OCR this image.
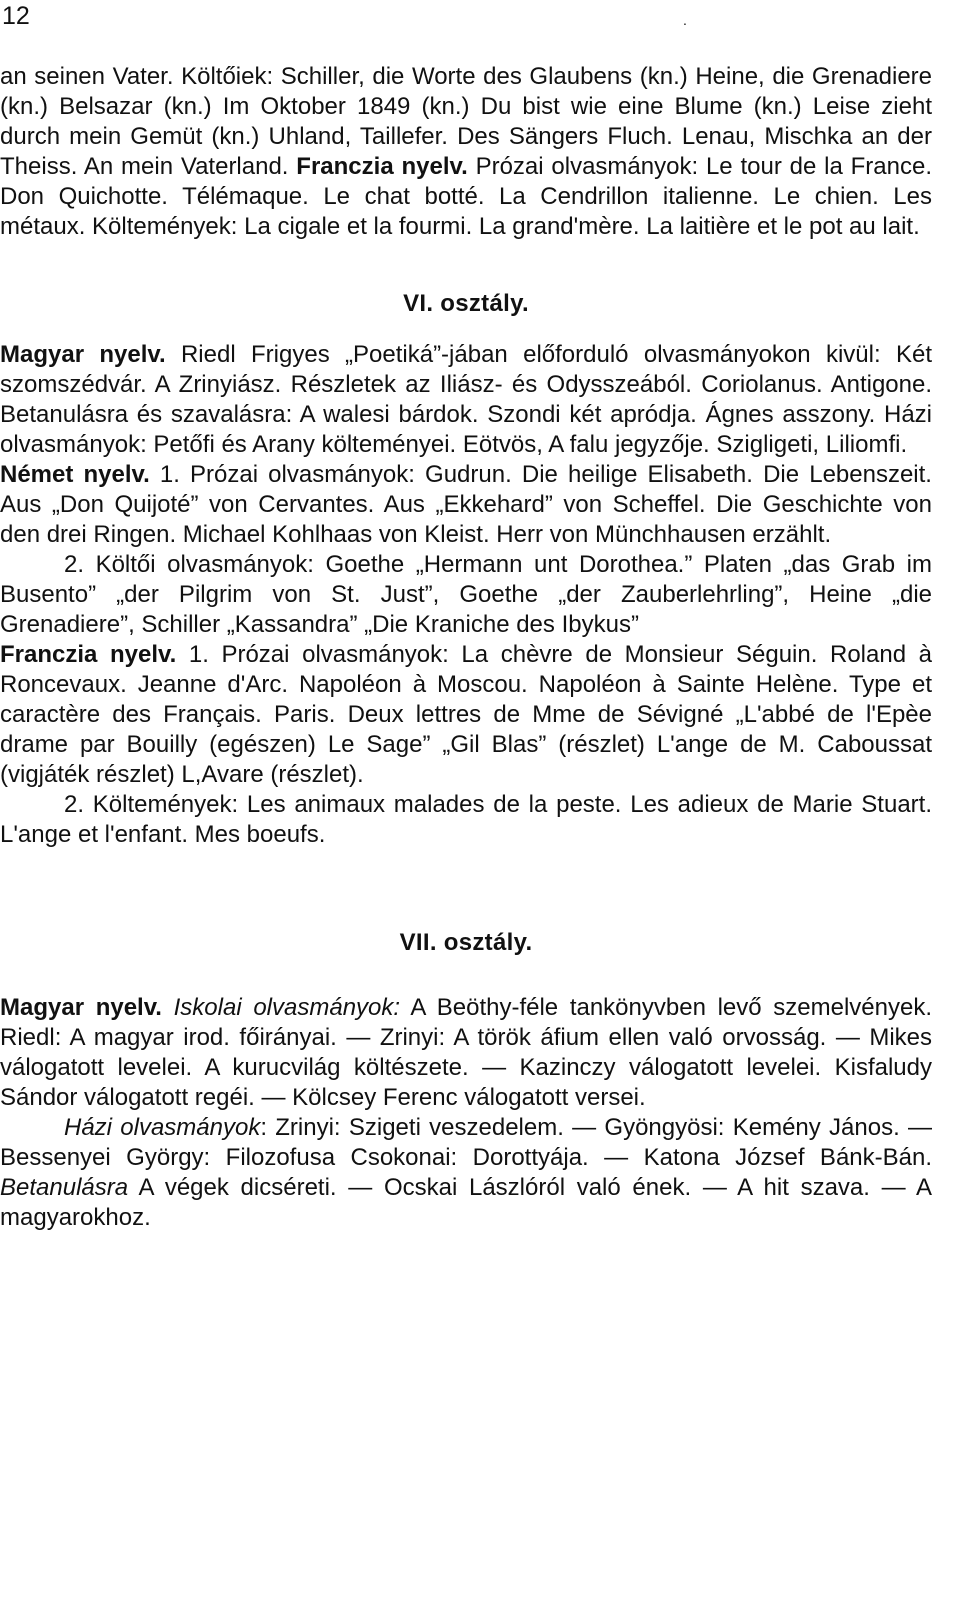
12	.

an seinen Vater. Költőiek: Schiller, die Worte des Glaubens (kn.) Heine, die Grenadiere (kn.) Belsazar (kn.) Im Oktober 1849 (kn.) Du bist wie eine Blume (kn.) Leise zieht durch mein Gemüt (kn.) Uhland, Taillefer. Des Sängers Fluch. Lenau, Mischka an der Theiss. An mein Vaterland. Franczia nyelv. Prózai olvasmányok: Le tour de la France. Don Quichotte. Télémaque. Le chat botté. La Cendrillon italienne. Le chien. Les métaux. Költemények: La cigale et la fourmi. La grand'mère. La laitière et le pot au lait.

VI. osztály.

Magyar nyelv. Riedl Frigyes „Poetiká”-jában előforduló olvasmányokon kivül: Két szomszédvár. A Zrinyiász. Részletek az Iliász- és Odysszeából. Coriolanus. Antigone. Betanulásra és szavalásra: A walesi bárdok. Szondi két apródja. Ágnes asszony. Házi olvasmányok: Petőfi és Arany költeményei. Eötvös, A falu jegyzője. Szigligeti, Liliomfi.

Német nyelv. 1. Prózai olvasmányok: Gudrun. Die heilige Elisabeth. Die Lebenszeit. Aus „Don Quijoté” von Cervantes. Aus „Ekkehard” von Scheffel. Die Geschichte von den drei Ringen. Michael Kohlhaas von Kleist. Herr von Münchhausen erzählt.

2. Költői olvasmányok: Goethe „Hermann unt Dorothea.” Platen „das Grab im Busento” „der Pilgrim von St. Just”, Goethe „der Zauberlehrling”, Heine „die Grenadiere”, Schiller „Kassandra” „Die Kraniche des Ibykus”

Franczia nyelv. 1. Prózai olvasmányok: La chèvre de Monsieur Séguin. Roland à Roncevaux. Jeanne d'Arc. Napoléon à Moscou. Napoléon à Sainte Helène. Type et caractère des Français. Paris. Deux lettres de Mme de Sévigné „L'abbé de l'Epèe drame par Bouilly (egészen) Le Sage” „Gil Blas” (részlet) L'ange de M. Caboussat (vigjáték részlet) L,Avare (részlet).

2. Költemények: Les animaux malades de la peste. Les adieux de Marie Stuart. L'ange et l'enfant. Mes boeufs.

VII. osztály.

Magyar nyelv. Iskolai olvasmányok: A Beöthy-féle tankönyvben levő szemelvények. Riedl: A magyar irod. főirányai. — Zrinyi: A török áfium ellen való orvosság. — Mikes válogatott levelei. A kurucvilág költészete. — Kazinczy válogatott levelei. Kisfaludy Sándor válogatott regéi. — Kölcsey Ferenc válogatott versei.

Házi olvasmányok: Zrinyi: Szigeti veszedelem. — Gyöngyösi: Kemény János. — Bessenyei György: Filozofusa Csokonai: Dorottyája. — Katona József Bánk-Bán. Betanulásra A végek dicséreti. — Ocskai Lászlóról való ének. — A hit szava. — A magyarokhoz.
